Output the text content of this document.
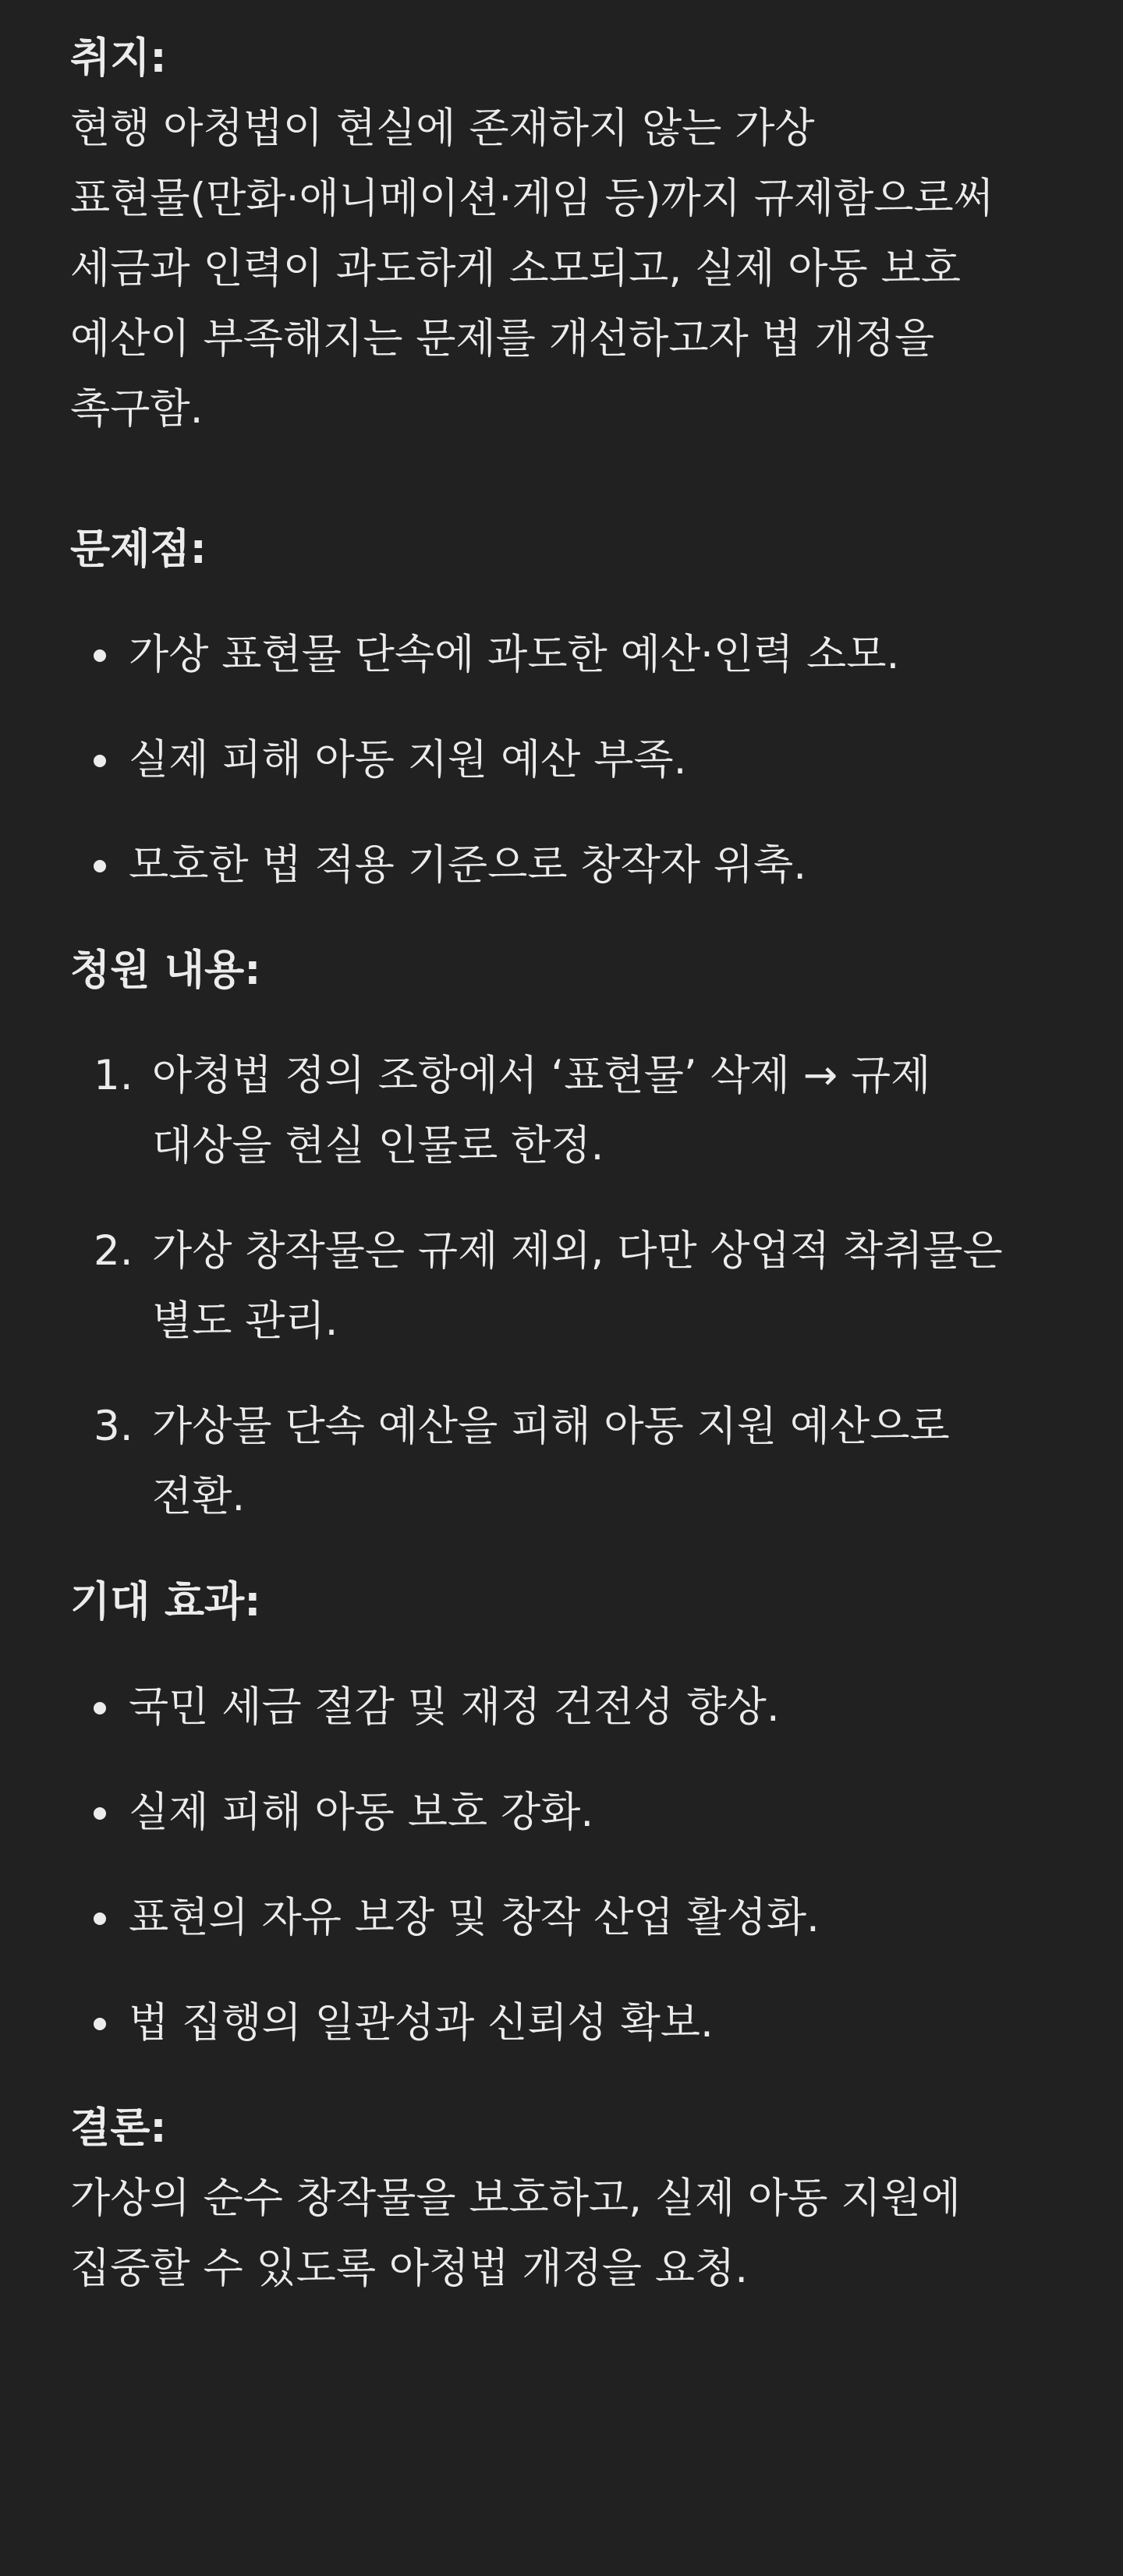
취지:
현행 아청법이 현실에 존재하지 않는 가상
표현물(만화·애니메이션·게임 등)까지 규제함으로써
세금과 인력이 과도하게 소모되고, 실제 아동 보호
예산이 부족해지는 문제를 개선하고자 법 개정을
촉구함.
문제점:
가상 표현물 단속에 과도한 예산·인력 소모.
실제 피해 아동 지원 예산 부족.
모호한 법 적용 기준으로 창작자 위축.
청원 내용:
1. 아청법 정의 조항에서 ‘표현물’ 삭제 → 규제
대상을 현실 인물로 한정.
2. 가상 창작물은 규제 제외, 다만 상업적 착취물은
별도 관리.
3. 가상물 단속 예산을 피해 아동 지원 예산으로
전환.
기대 효과:
국민 세금 절감 및 재정 건전성 향상.
실제 피해 아동 보호 강화.
표현의 자유 보장 및 창작 산업 활성화.
법 집행의 일관성과 신뢰성 확보.
결론:
가상의 순수 창작물을 보호하고, 실제 아동 지원에
집중할 수 있도록 아청법 개정을 요청.
